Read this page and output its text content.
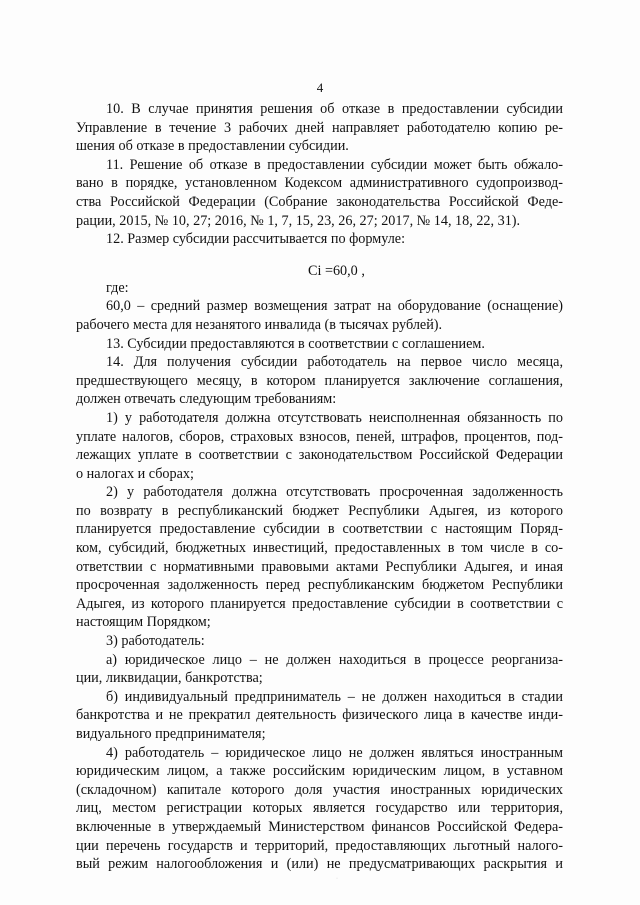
4
10. В случае принятия решения об отказе в предоставлении субсидии
Управление в течение 3 рабочих дней направляет работодателю копию ре-
шения об отказе в предоставлении субсидии.
11. Решение об отказе в предоставлении субсидии может быть обжало-
вано в порядке, установленном Кодексом административного судопроизвод-
ства Российской Федерации (Собрание законодательства Российской Феде-
рации, 2015, № 10, 27; 2016, № 1, 7, 15, 23, 26, 27; 2017, № 14, 18, 22, 31).
12. Размер субсидии рассчитывается по формуле:
Ci =60,0 ,
где:
60,0 – средний размер возмещения затрат на оборудование (оснащение)
рабочего места для незанятого инвалида (в тысячах рублей).
13. Субсидии предоставляются в соответствии с соглашением.
14. Для получения субсидии работодатель на первое число месяца,
предшествующего месяцу, в котором планируется заключение соглашения,
должен отвечать следующим требованиям:
1) у работодателя должна отсутствовать неисполненная обязанность по
уплате налогов, сборов, страховых взносов, пеней, штрафов, процентов, под-
лежащих уплате в соответствии с законодательством Российской Федерации
о налогах и сборах;
2) у работодателя должна отсутствовать просроченная задолженность
по возврату в республиканский бюджет Республики Адыгея, из которого
планируется предоставление субсидии в соответствии с настоящим Поряд-
ком, субсидий, бюджетных инвестиций, предоставленных в том числе в со-
ответствии с нормативными правовыми актами Республики Адыгея, и иная
просроченная задолженность перед республиканским бюджетом Республики
Адыгея, из которого планируется предоставление субсидии в соответствии с
настоящим Порядком;
3) работодатель:
а) юридическое лицо – не должен находиться в процессе реорганиза-
ции, ликвидации, банкротства;
б) индивидуальный предприниматель – не должен находиться в стадии
банкротства и не прекратил деятельность физического лица в качестве инди-
видуального предпринимателя;
4) работодатель – юридическое лицо не должен являться иностранным
юридическим лицом, а также российским юридическим лицом, в уставном
(складочном) капитале которого доля участия иностранных юридических
лиц, местом регистрации которых является государство или территория,
включенные в утверждаемый Министерством финансов Российской Федера-
ции перечень государств и территорий, предоставляющих льготный налого-
вый режим налогообложения и (или) не предусматривающих раскрытия и
·
